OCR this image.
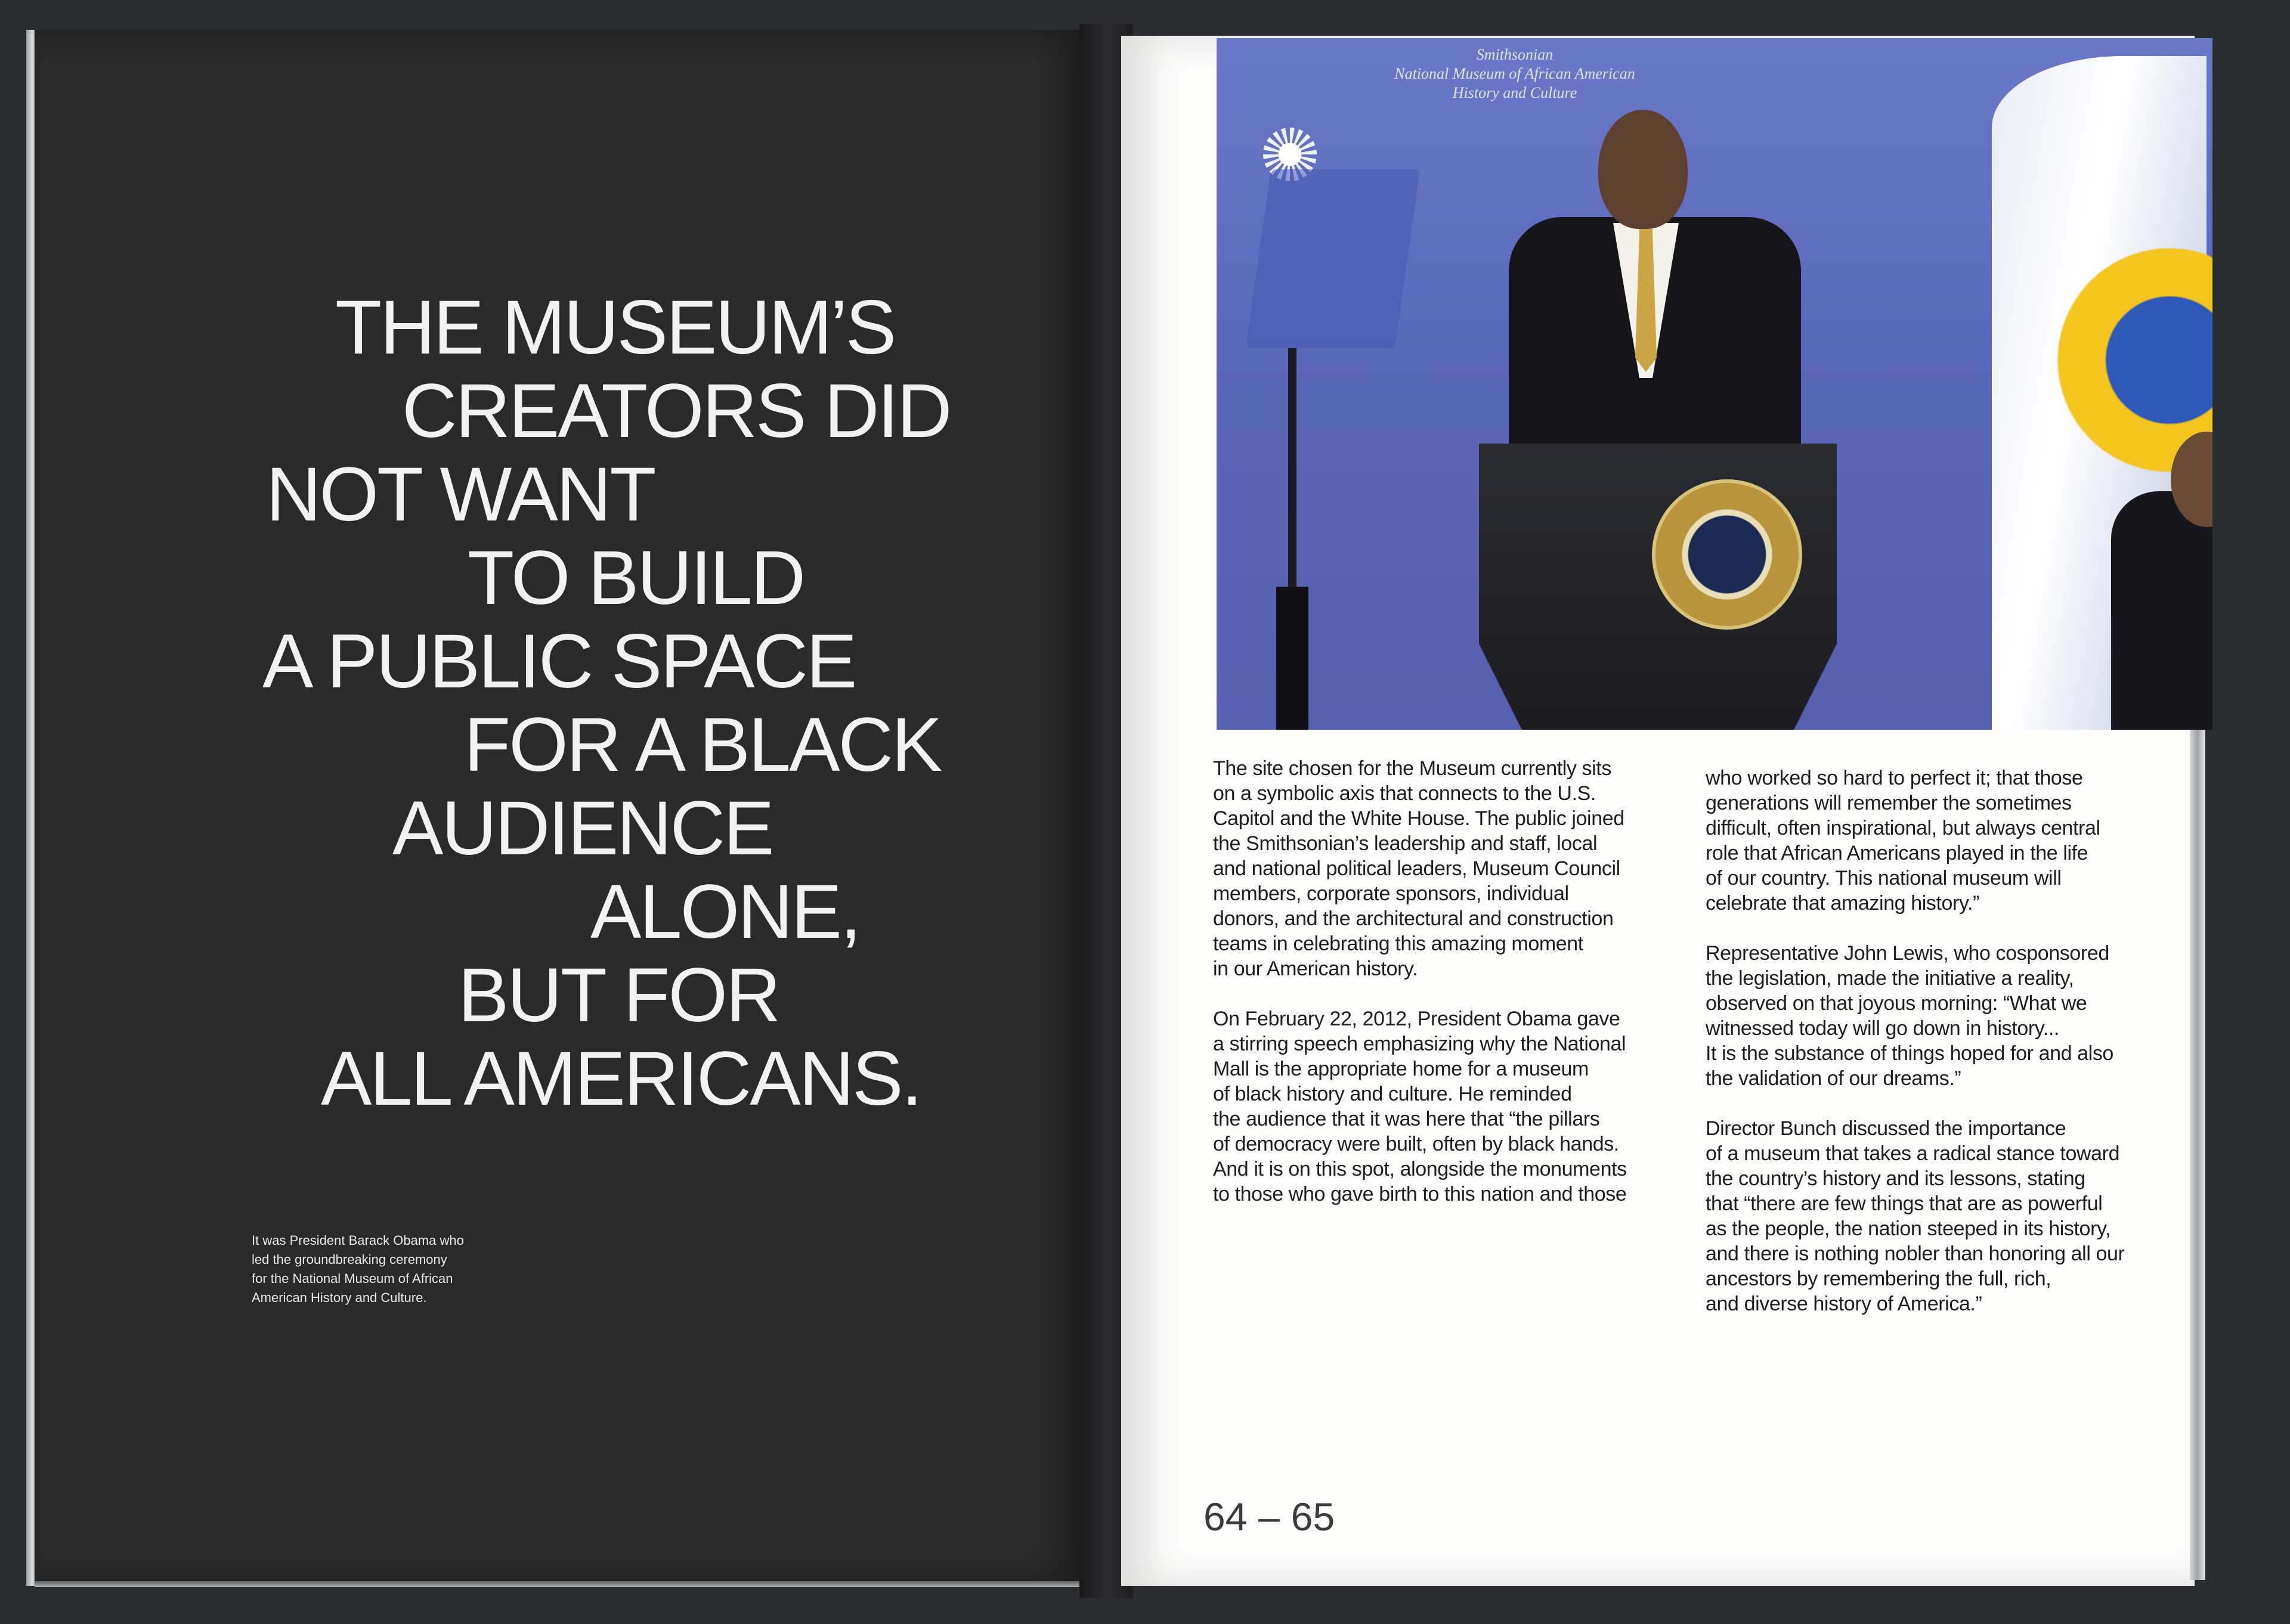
THE MUSEUM’S
CREATORS DID
NOT WANT
TO BUILD
A PUBLIC SPACE
FOR A BLACK
AUDIENCE
ALONE,
BUT FOR
ALL AMERICANS.
It was President Barack Obama who
led the groundbreaking ceremony
for the National Museum of African
American History and Culture.
Smithsonian
National Museum of African American
History and Culture

The site chosen for the Museum currently sits
on a symbolic axis that connects to the U.S.
Capitol and the White House. The public joined
the Smithsonian’s leadership and staff, local
and national political leaders, Museum Council
members, corporate sponsors, individual
donors, and the architectural and construction
teams in celebrating this amazing moment
in our American history.

On February 22, 2012, President Obama gave
a stirring speech emphasizing why the National
Mall is the appropriate home for a museum
of black history and culture. He reminded
the audience that it was here that “the pillars
of democracy were built, often by black hands.
And it is on this spot, alongside the monuments
to those who gave birth to this nation and those

who worked so hard to perfect it; that those
generations will remember the sometimes
difficult, often inspirational, but always central
role that African Americans played in the life
of our country. This national museum will
celebrate that amazing history.”

Representative John Lewis, who cosponsored
the legislation, made the initiative a reality,
observed on that joyous morning: “What we
witnessed today will go down in history...
It is the substance of things hoped for and also
the validation of our dreams.”

Director Bunch discussed the importance
of a museum that takes a radical stance toward
the country’s history and its lessons, stating
that “there are few things that are as powerful
as the people, the nation steeped in its history,
and there is nothing nobler than honoring all our
ancestors by remembering the full, rich,
and diverse history of America.”

64 – 65
